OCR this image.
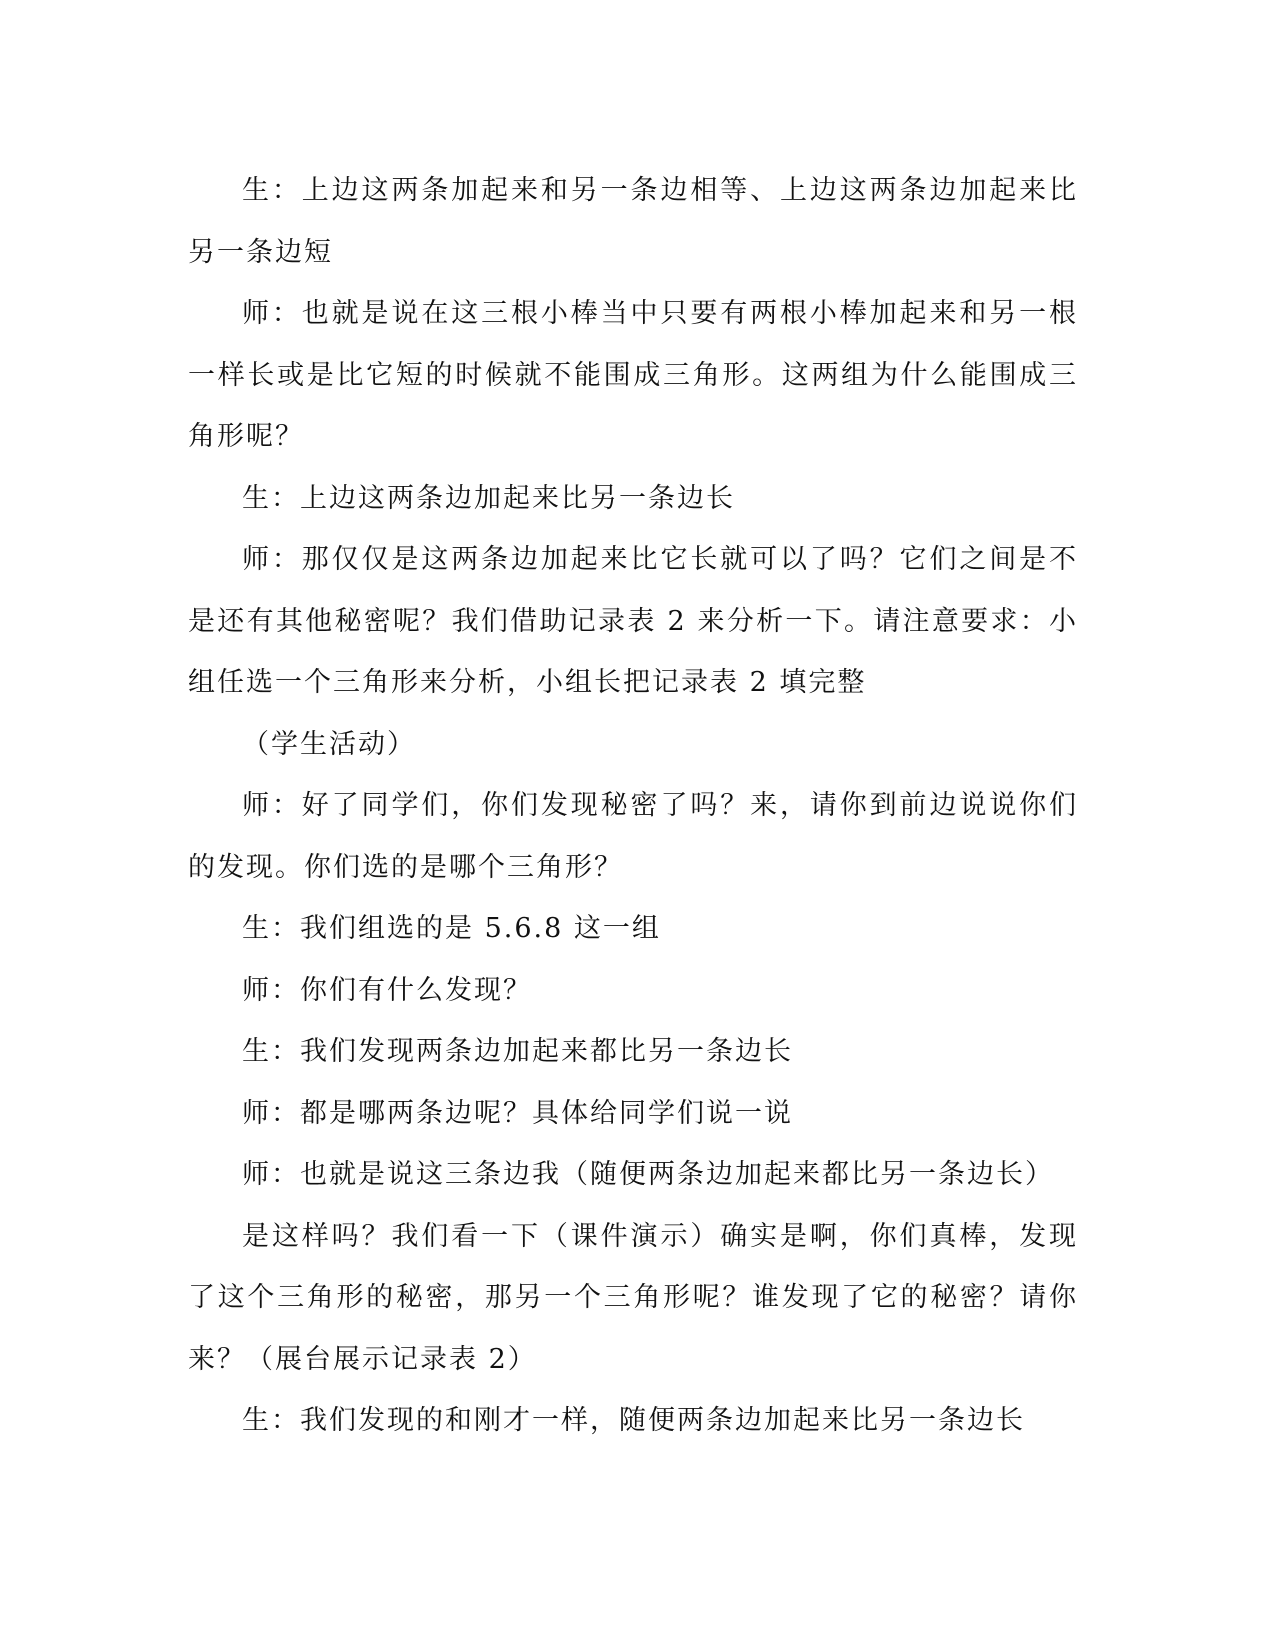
生：上边这两条加起来和另一条边相等、上边这两条边加起来比另一条边短

师：也就是说在这三根小棒当中只要有两根小棒加起来和另一根一样长或是比它短的时候就不能围成三角形。这两组为什么能围成三角形呢？

生：上边这两条边加起来比另一条边长

师：那仅仅是这两条边加起来比它长就可以了吗？它们之间是不是还有其他秘密呢？我们借助记录表 2 来分析一下。请注意要求：小组任选一个三角形来分析，小组长把记录表 2 填完整

（学生活动）

师：好了同学们，你们发现秘密了吗？来，请你到前边说说你们的发现。你们选的是哪个三角形？

生：我们组选的是 5.6.8 这一组

师：你们有什么发现？

生：我们发现两条边加起来都比另一条边长

师：都是哪两条边呢？具体给同学们说一说

师：也就是说这三条边我（随便两条边加起来都比另一条边长）

是这样吗？我们看一下（课件演示）确实是啊，你们真棒，发现了这个三角形的秘密，那另一个三角形呢？谁发现了它的秘密？请你来？（展台展示记录表 2）

生：我们发现的和刚才一样，随便两条边加起来比另一条边长
